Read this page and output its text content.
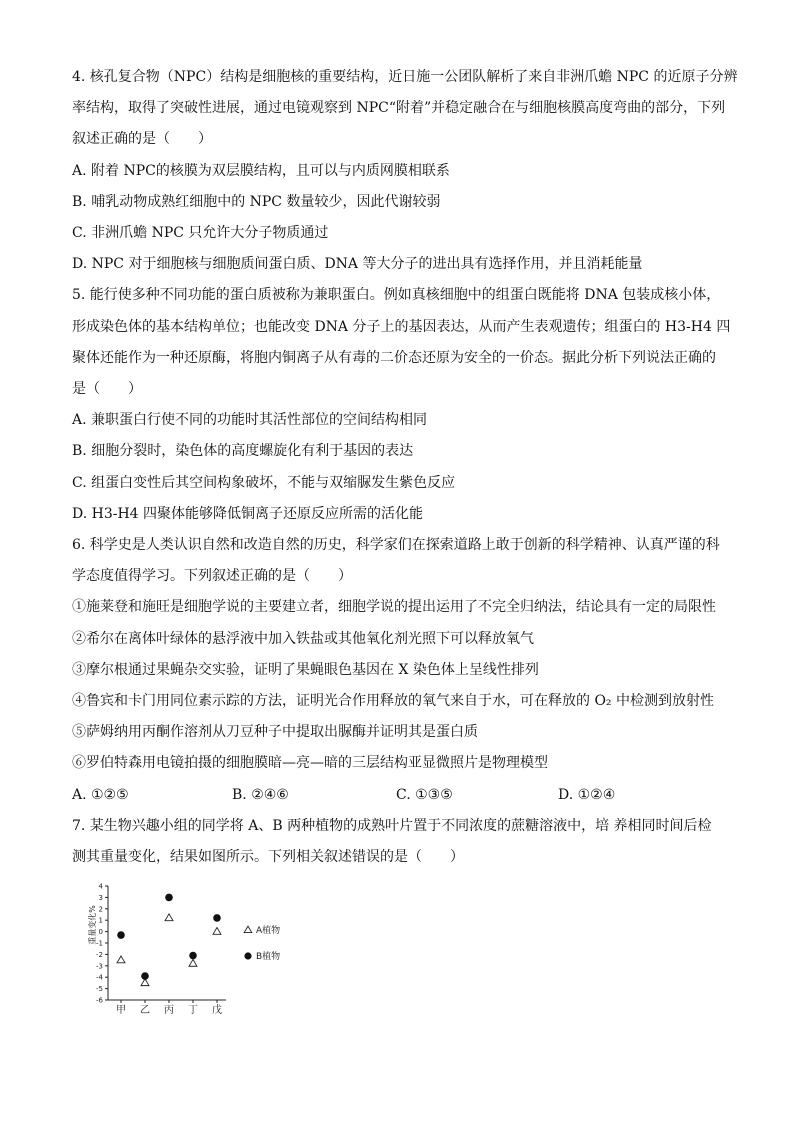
4. 核孔复合物（NPC）结构是细胞核的重要结构，近日施一公团队解析了来自非洲爪蟾 NPC 的近原子分辨

率结构，取得了突破性进展，通过电镜观察到 NPC“附着”并稳定融合在与细胞核膜高度弯曲的部分，下列

叙述正确的是（　　）

A. 附着 NPC的核膜为双层膜结构，且可以与内质网膜相联系

B. 哺乳动物成熟红细胞中的 NPC 数量较少，因此代谢较弱

C. 非洲爪蟾 NPC 只允许大分子物质通过

D. NPC 对于细胞核与细胞质间蛋白质、DNA 等大分子的进出具有选择作用，并且消耗能量

5. 能行使多种不同功能的蛋白质被称为兼职蛋白。例如真核细胞中的组蛋白既能将 DNA 包装成核小体，

形成染色体的基本结构单位；也能改变 DNA 分子上的基因表达，从而产生表观遗传；组蛋白的 H3-H4 四

聚体还能作为一种还原酶，将胞内铜离子从有毒的二价态还原为安全的一价态。据此分析下列说法正确的

是（　　）

A. 兼职蛋白行使不同的功能时其活性部位的空间结构相同

B. 细胞分裂时，染色体的高度螺旋化有利于基因的表达

C. 组蛋白变性后其空间构象破坏，不能与双缩脲发生紫色反应

D. H3-H4 四聚体能够降低铜离子还原反应所需的活化能

6. 科学史是人类认识自然和改造自然的历史，科学家们在探索道路上敢于创新的科学精神、认真严谨的科

学态度值得学习。下列叙述正确的是（　　）

①施莱登和施旺是细胞学说的主要建立者，细胞学说的提出运用了不完全归纳法，结论具有一定的局限性

②希尔在离体叶绿体的悬浮液中加入铁盐或其他氧化剂光照下可以释放氧气

③摩尔根通过果蝇杂交实验，证明了果蝇眼色基因在 X 染色体上呈线性排列

④鲁宾和卡门用同位素示踪的方法，证明光合作用释放的氧气来自于水，可在释放的 O₂ 中检测到放射性

⑤萨姆纳用丙酮作溶剂从刀豆种子中提取出脲酶并证明其是蛋白质

⑥罗伯特森用电镜拍摄的细胞膜暗—亮—暗的三层结构亚显微照片是物理模型

A. ①②⑤	B. ②④⑥	C. ①③⑤	D. ①②④

7. 某生物兴趣小组的同学将 A、B 两种植物的成熟叶片置于不同浓度的蔗糖溶液中，培 养相同时间后检

测其重量变化，结果如图所示。下列相关叙述错误的是（　　）

-6
-5
-4
-3
-2
-1
0
1
2
3
4
甲 乙 丙 丁 戊
重量变化%	A植物
B植物
